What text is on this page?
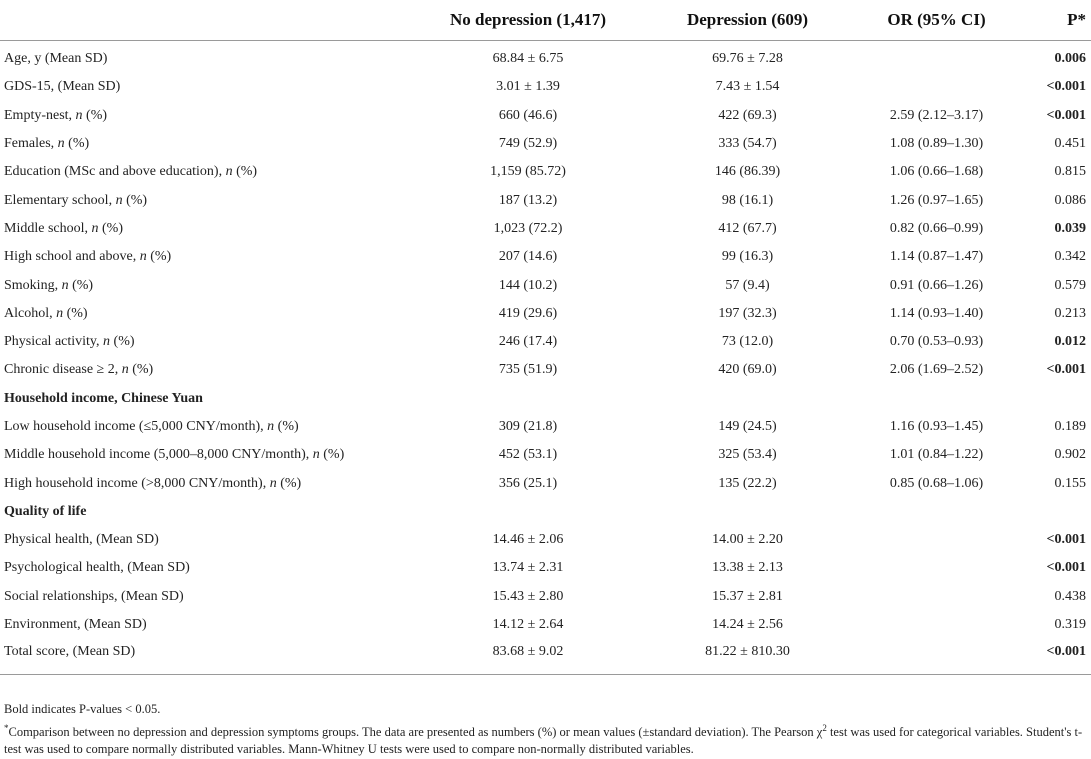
	No depression (1,417)	Depression (609)	OR (95% CI)	P*
Age, y (Mean SD)	68.84 ± 6.75	69.76 ± 7.28		0.006
GDS-15, (Mean SD)	3.01 ± 1.39	7.43 ± 1.54		<0.001
Empty-nest, n (%)	660 (46.6)	422 (69.3)	2.59 (2.12–3.17)	<0.001
Females, n (%)	749 (52.9)	333 (54.7)	1.08 (0.89–1.30)	0.451
Education (MSc and above education), n (%)	1,159 (85.72)	146 (86.39)	1.06 (0.66–1.68)	0.815
Elementary school, n (%)	187 (13.2)	98 (16.1)	1.26 (0.97–1.65)	0.086
Middle school, n (%)	1,023 (72.2)	412 (67.7)	0.82 (0.66–0.99)	0.039
High school and above, n (%)	207 (14.6)	99 (16.3)	1.14 (0.87–1.47)	0.342
Smoking, n (%)	144 (10.2)	57 (9.4)	0.91 (0.66–1.26)	0.579
Alcohol, n (%)	419 (29.6)	197 (32.3)	1.14 (0.93–1.40)	0.213
Physical activity, n (%)	246 (17.4)	73 (12.0)	0.70 (0.53–0.93)	0.012
Chronic disease ≥ 2, n (%)	735 (51.9)	420 (69.0)	2.06 (1.69–2.52)	<0.001
Household income, Chinese Yuan				
Low household income (≤5,000 CNY/month), n (%)	309 (21.8)	149 (24.5)	1.16 (0.93–1.45)	0.189
Middle household income (5,000–8,000 CNY/month), n (%)	452 (53.1)	325 (53.4)	1.01 (0.84–1.22)	0.902
High household income (>8,000 CNY/month), n (%)	356 (25.1)	135 (22.2)	0.85 (0.68–1.06)	0.155
Quality of life				
Physical health, (Mean SD)	14.46 ± 2.06	14.00 ± 2.20		<0.001
Psychological health, (Mean SD)	13.74 ± 2.31	13.38 ± 2.13		<0.001
Social relationships, (Mean SD)	15.43 ± 2.80	15.37 ± 2.81		0.438
Environment, (Mean SD)	14.12 ± 2.64	14.24 ± 2.56		0.319
Total score, (Mean SD)	83.68 ± 9.02	81.22 ± 810.30		<0.001

Bold indicates P-values < 0.05.

*Comparison between no depression and depression symptoms groups. The data are presented as numbers (%) or mean values (±standard deviation). The Pearson $\chi^2$ test was used for categorical variables. Student's t-test was used to compare normally distributed variables. Mann-Whitney U tests were used to compare non-normally distributed variables.
